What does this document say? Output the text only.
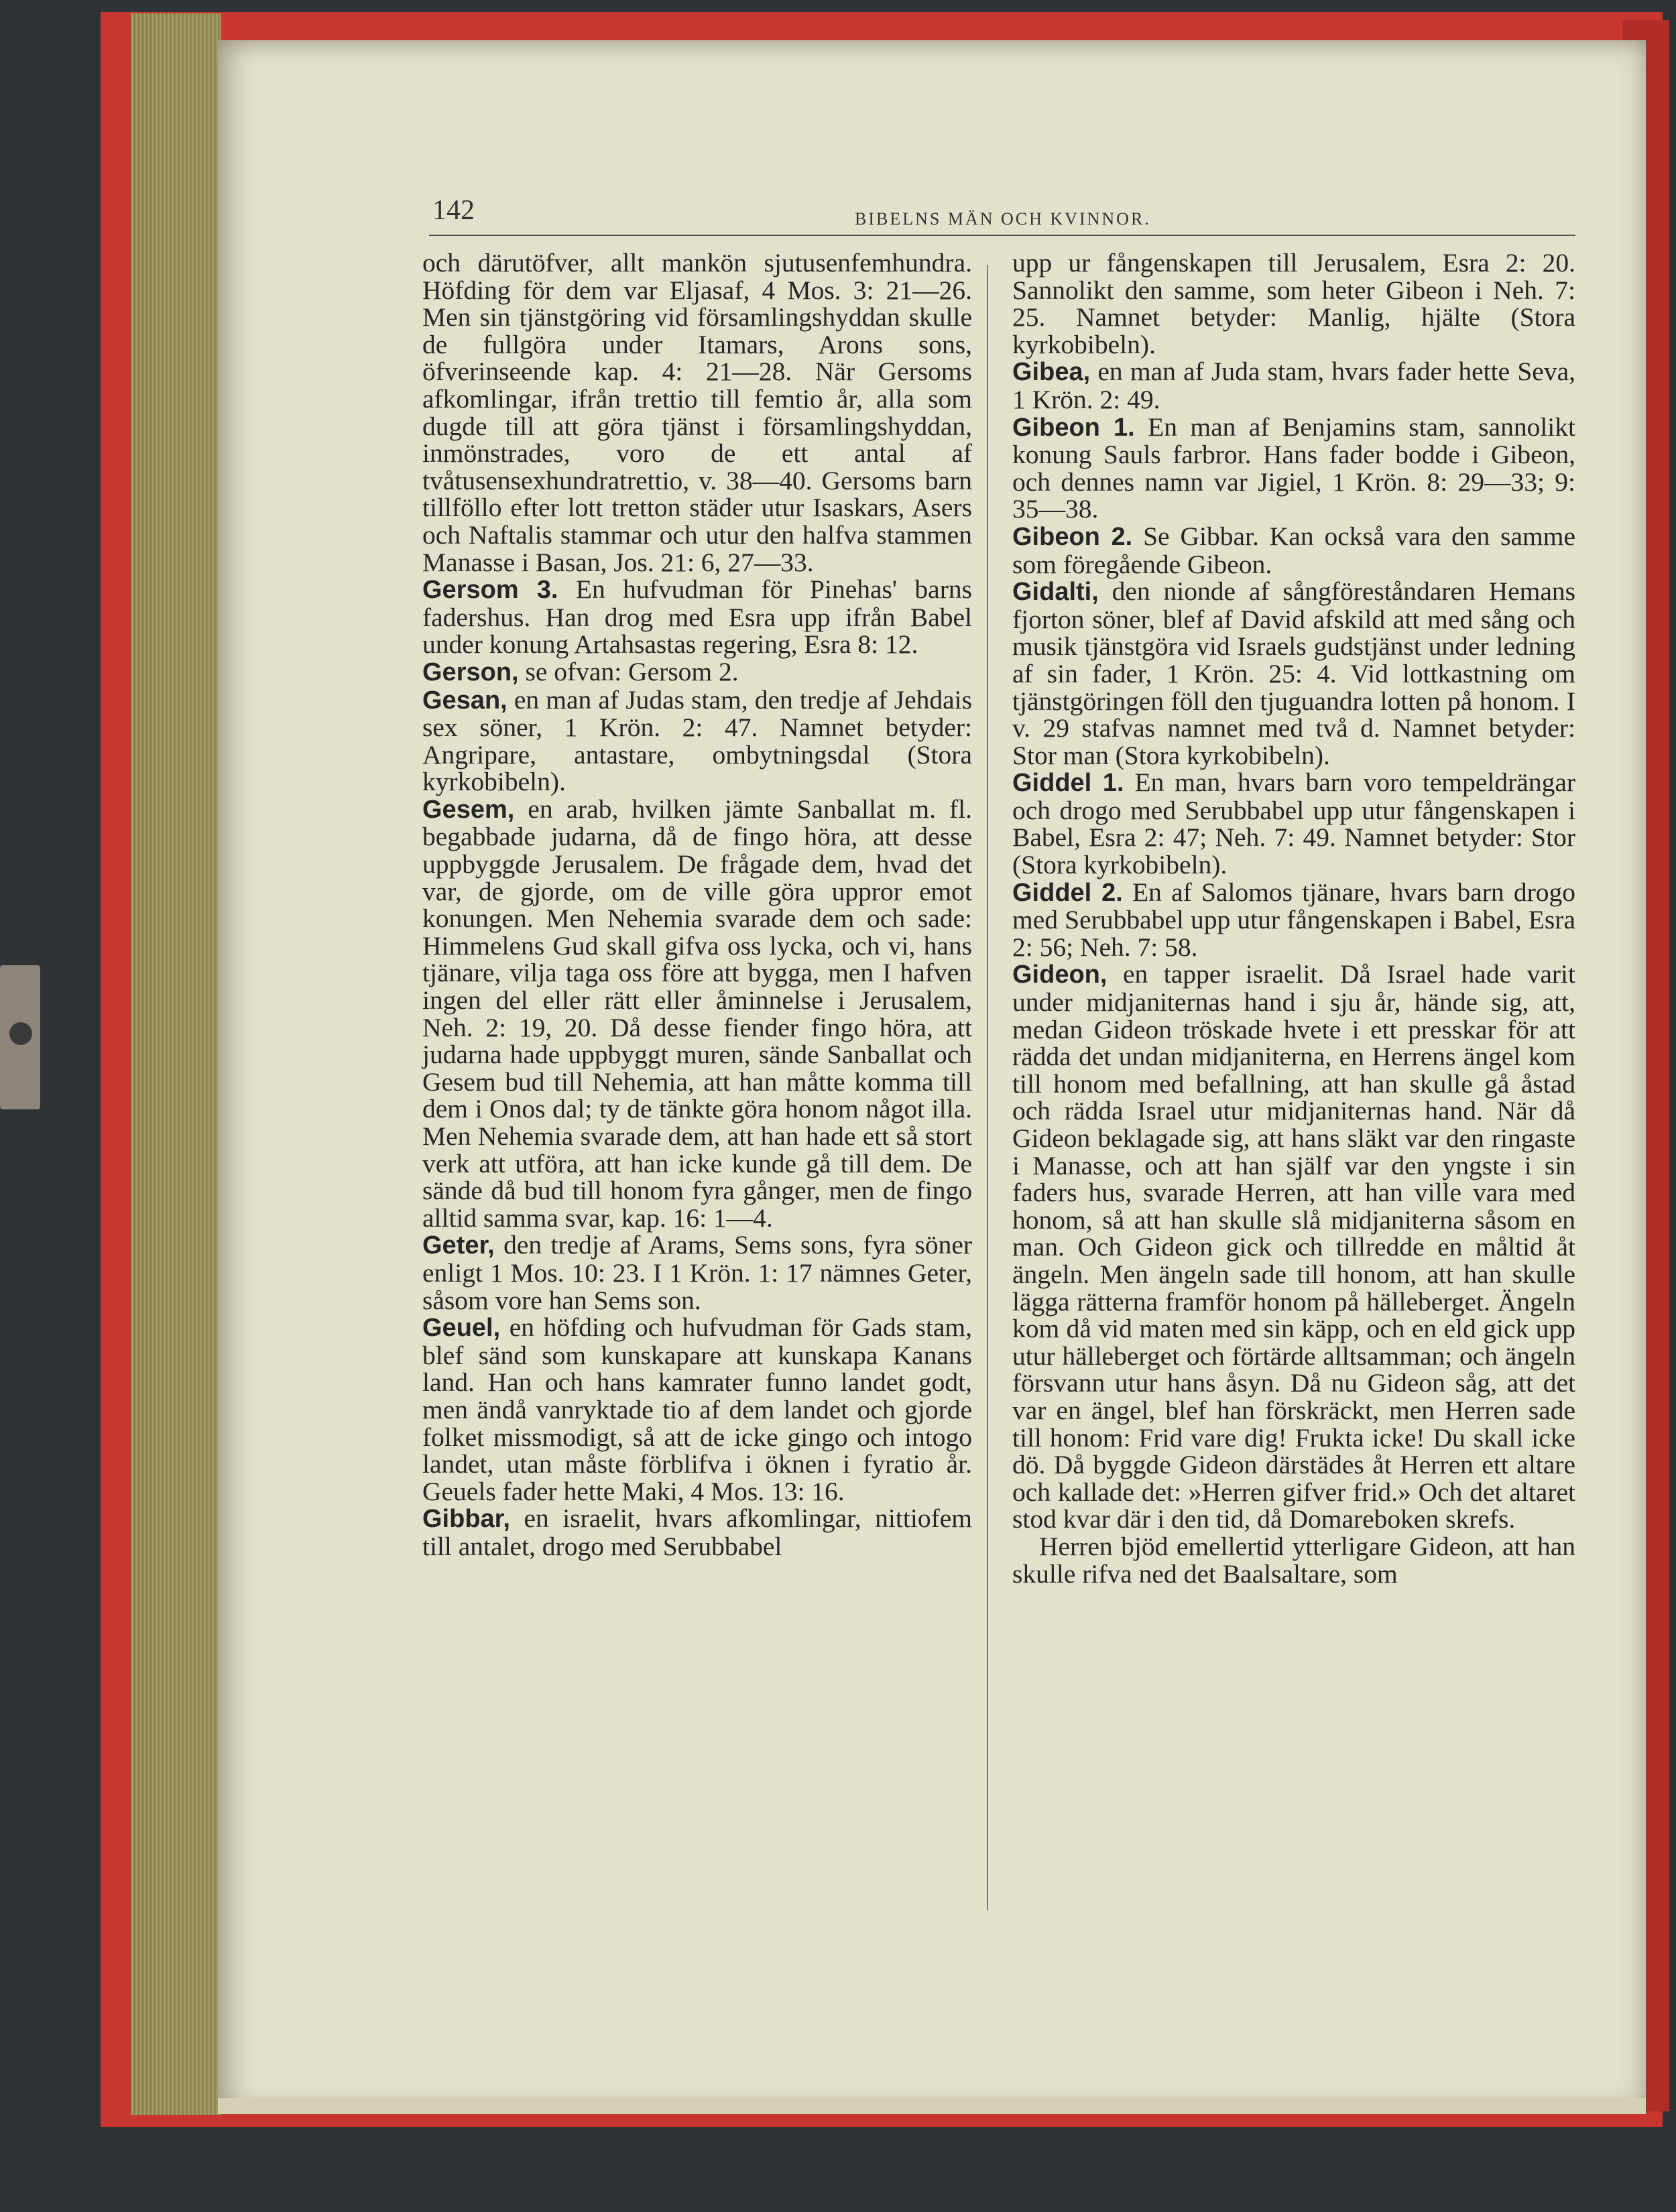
142	BIBELNS MÄN OCH KVINNOR.

och därutöfver, allt mankön sjutusenfemhundra. Höfding för dem var Eljasaf, 4 Mos. 3: 21—26. Men sin tjänstgöring vid församlingshyddan skulle de fullgöra under Itamars, Arons sons, öfverinseende kap. 4: 21—28. När Gersoms afkomlingar, ifrån trettio till femtio år, alla som dugde till att göra tjänst i församlingshyddan, inmönstrades, voro de ett antal af tvåtusensexhundratrettio, v. 38—40. Gersoms barn tillföllo efter lott tretton städer utur Isaskars, Asers och Naftalis stammar och utur den halfva stammen Manasse i Basan, Jos. 21: 6, 27—33.

Gersom 3. En hufvudman för Pinehas' barns fadershus. Han drog med Esra upp ifrån Babel under konung Artahsastas regering, Esra 8: 12.

Gerson, se ofvan: Gersom 2.

Gesan, en man af Judas stam, den tredje af Jehdais sex söner, 1 Krön. 2: 47. Namnet betyder: Angripare, antastare, ombytningsdal (Stora kyrkobibeln).

Gesem, en arab, hvilken jämte Sanballat m. fl. begabbade judarna, då de fingo höra, att desse uppbyggde Jerusalem. De frågade dem, hvad det var, de gjorde, om de ville göra uppror emot konungen. Men Nehemia svarade dem och sade: Himmelens Gud skall gifva oss lycka, och vi, hans tjänare, vilja taga oss före att bygga, men I hafven ingen del eller rätt eller åminnelse i Jerusalem, Neh. 2: 19, 20. Då desse fiender fingo höra, att judarna hade uppbyggt muren, sände Sanballat och Gesem bud till Nehemia, att han måtte komma till dem i Onos dal; ty de tänkte göra honom något illa. Men Nehemia svarade dem, att han hade ett så stort verk att utföra, att han icke kunde gå till dem. De sände då bud till honom fyra gånger, men de fingo alltid samma svar, kap. 16: 1—4.

Geter, den tredje af Arams, Sems sons, fyra söner enligt 1 Mos. 10: 23. I 1 Krön. 1: 17 nämnes Geter, såsom vore han Sems son.

Geuel, en höfding och hufvudman för Gads stam, blef sänd som kunskapare att kunskapa Kanans land. Han och hans kamrater funno landet godt, men ändå vanryktade tio af dem landet och gjorde folket missmodigt, så att de icke gingo och intogo landet, utan måste förblifva i öknen i fyratio år. Geuels fader hette Maki, 4 Mos. 13: 16.

Gibbar, en israelit, hvars afkomlingar, nittiofem till antalet, drogo med Serubbabel

upp ur fångenskapen till Jerusalem, Esra 2: 20. Sannolikt den samme, som heter Gibeon i Neh. 7: 25. Namnet betyder: Manlig, hjälte (Stora kyrkobibeln).

Gibea, en man af Juda stam, hvars fader hette Seva, 1 Krön. 2: 49.

Gibeon 1. En man af Benjamins stam, sannolikt konung Sauls farbror. Hans fader bodde i Gibeon, och dennes namn var Jigiel, 1 Krön. 8: 29—33; 9: 35—38.

Gibeon 2. Se Gibbar. Kan också vara den samme som föregående Gibeon.

Gidalti, den nionde af sångföreståndaren Hemans fjorton söner, blef af David afskild att med sång och musik tjänstgöra vid Israels gudstjänst under ledning af sin fader, 1 Krön. 25: 4. Vid lottkastning om tjänstgöringen föll den tjuguandra lotten på honom. I v. 29 stafvas namnet med två d. Namnet betyder: Stor man (Stora kyrkobibeln).

Giddel 1. En man, hvars barn voro tempeldrängar och drogo med Serubbabel upp utur fångenskapen i Babel, Esra 2: 47; Neh. 7: 49. Namnet betyder: Stor (Stora kyrkobibeln).

Giddel 2. En af Salomos tjänare, hvars barn drogo med Serubbabel upp utur fångenskapen i Babel, Esra 2: 56; Neh. 7: 58.

Gideon, en tapper israelit. Då Israel hade varit under midjaniternas hand i sju år, hände sig, att, medan Gideon tröskade hvete i ett presskar för att rädda det undan midjaniterna, en Herrens ängel kom till honom med befallning, att han skulle gå åstad och rädda Israel utur midjaniternas hand. När då Gideon beklagade sig, att hans släkt var den ringaste i Manasse, och att han själf var den yngste i sin faders hus, svarade Herren, att han ville vara med honom, så att han skulle slå midjaniterna såsom en man. Och Gideon gick och tillredde en måltid åt ängeln. Men ängeln sade till honom, att han skulle lägga rätterna framför honom på hälleberget. Ängeln kom då vid maten med sin käpp, och en eld gick upp utur hälleberget och förtärde alltsamman; och ängeln försvann utur hans åsyn. Då nu Gideon såg, att det var en ängel, blef han förskräckt, men Herren sade till honom: Frid vare dig! Frukta icke! Du skall icke dö. Då byggde Gideon därstädes åt Herren ett altare och kallade det: »Herren gifver frid.» Och det altaret stod kvar där i den tid, då Domareboken skrefs.

Herren bjöd emellertid ytterligare Gideon, att han skulle rifva ned det Baalsaltare, som
